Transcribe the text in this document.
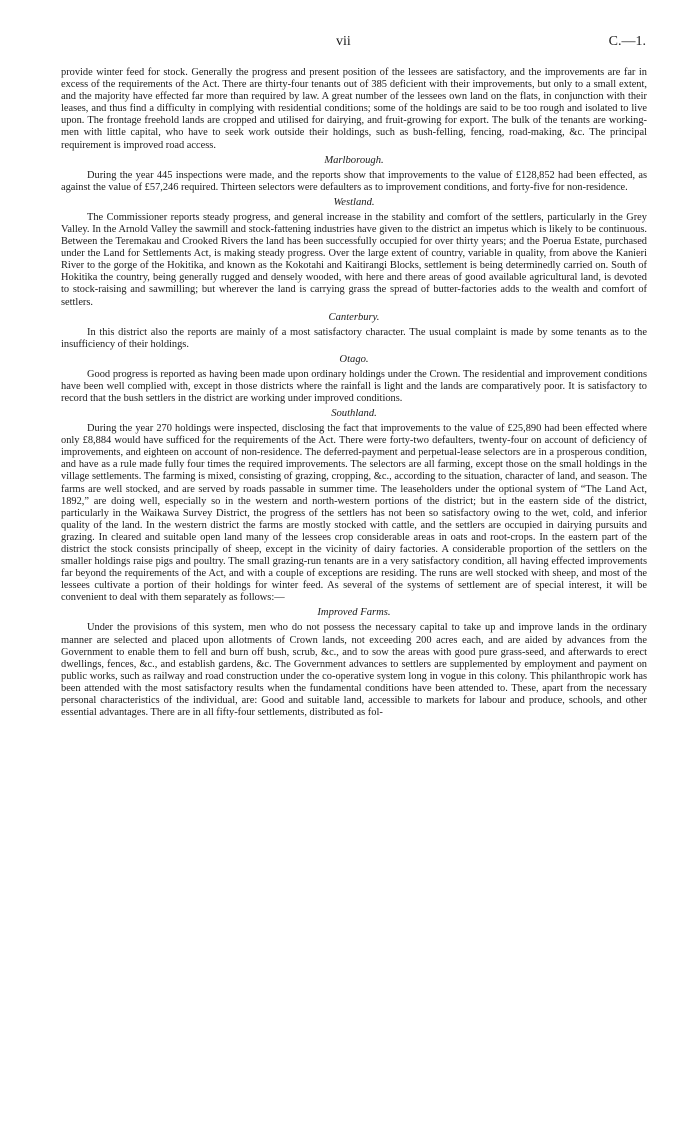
vii	C.—1.

provide winter feed for stock. Generally the progress and present position of the lessees are satisfactory, and the improvements are far in excess of the requirements of the Act. There are thirty-four tenants out of 385 deficient with their improvements, but only to a small extent, and the majority have effected far more than required by law. A great number of the lessees own land on the flats, in conjunction with their leases, and thus find a difficulty in complying with residential conditions; some of the holdings are said to be too rough and isolated to live upon. The frontage freehold lands are cropped and utilised for dairying, and fruit-growing for export. The bulk of the tenants are working-men with little capital, who have to seek work outside their holdings, such as bush-felling, fencing, road-making, &c. The principal requirement is improved road access.

Marlborough.

During the year 445 inspections were made, and the reports show that improvements to the value of £128,852 had been effected, as against the value of £57,246 required. Thirteen selectors were defaulters as to improvement conditions, and forty-five for non-residence.

Westland.

The Commissioner reports steady progress, and general increase in the stability and comfort of the settlers, particularly in the Grey Valley. In the Arnold Valley the sawmill and stock-fattening industries have given to the district an impetus which is likely to be continuous. Between the Teremakau and Crooked Rivers the land has been successfully occupied for over thirty years; and the Poerua Estate, purchased under the Land for Settlements Act, is making steady progress. Over the large extent of country, variable in quality, from above the Kanieri River to the gorge of the Hokitika, and known as the Kokotahi and Kaitirangi Blocks, settlement is being determinedly carried on. South of Hokitika the country, being generally rugged and densely wooded, with here and there areas of good available agricultural land, is devoted to stock-raising and sawmilling; but wherever the land is carrying grass the spread of butter-factories adds to the wealth and comfort of settlers.

Canterbury.

In this district also the reports are mainly of a most satisfactory character. The usual complaint is made by some tenants as to the insufficiency of their holdings.

Otago.

Good progress is reported as having been made upon ordinary holdings under the Crown. The residential and improvement conditions have been well complied with, except in those districts where the rainfall is light and the lands are comparatively poor. It is satisfactory to record that the bush settlers in the district are working under improved conditions.

Southland.

During the year 270 holdings were inspected, disclosing the fact that improvements to the value of £25,890 had been effected where only £8,884 would have sufficed for the requirements of the Act. There were forty-two defaulters, twenty-four on account of deficiency of improvements, and eighteen on account of non-residence. The deferred-payment and perpetual-lease selectors are in a prosperous condition, and have as a rule made fully four times the required improvements. The selectors are all farming, except those on the small holdings in the village settlements. The farming is mixed, consisting of grazing, cropping, &c., according to the situation, character of land, and season. The farms are well stocked, and are served by roads passable in summer time. The leaseholders under the optional system of “The Land Act, 1892,” are doing well, especially so in the western and north-western portions of the district; but in the eastern side of the district, particularly in the Waikawa Survey District, the progress of the settlers has not been so satisfactory owing to the wet, cold, and inferior quality of the land. In the western district the farms are mostly stocked with cattle, and the settlers are occupied in dairying pursuits and grazing. In cleared and suitable open land many of the lessees crop considerable areas in oats and root-crops. In the eastern part of the district the stock consists principally of sheep, except in the vicinity of dairy factories. A considerable proportion of the settlers on the smaller holdings raise pigs and poultry. The small grazing-run tenants are in a very satisfactory condition, all having effected improvements far beyond the requirements of the Act, and with a couple of exceptions are residing. The runs are well stocked with sheep, and most of the lessees cultivate a portion of their holdings for winter feed. As several of the systems of settlement are of special interest, it will be convenient to deal with them separately as follows:—

Improved Farms.

Under the provisions of this system, men who do not possess the necessary capital to take up and improve lands in the ordinary manner are selected and placed upon allotments of Crown lands, not exceeding 200 acres each, and are aided by advances from the Government to enable them to fell and burn off bush, scrub, &c., and to sow the areas with good pure grass-seed, and afterwards to erect dwellings, fences, &c., and establish gardens, &c. The Government advances to settlers are supplemented by employment and payment on public works, such as railway and road construction under the co-operative system long in vogue in this colony. This philanthropic work has been attended with the most satisfactory results when the fundamental conditions have been attended to. These, apart from the necessary personal characteristics of the individual, are: Good and suitable land, accessible to markets for labour and produce, schools, and other essential advantages. There are in all fifty-four settlements, distributed as fol-
